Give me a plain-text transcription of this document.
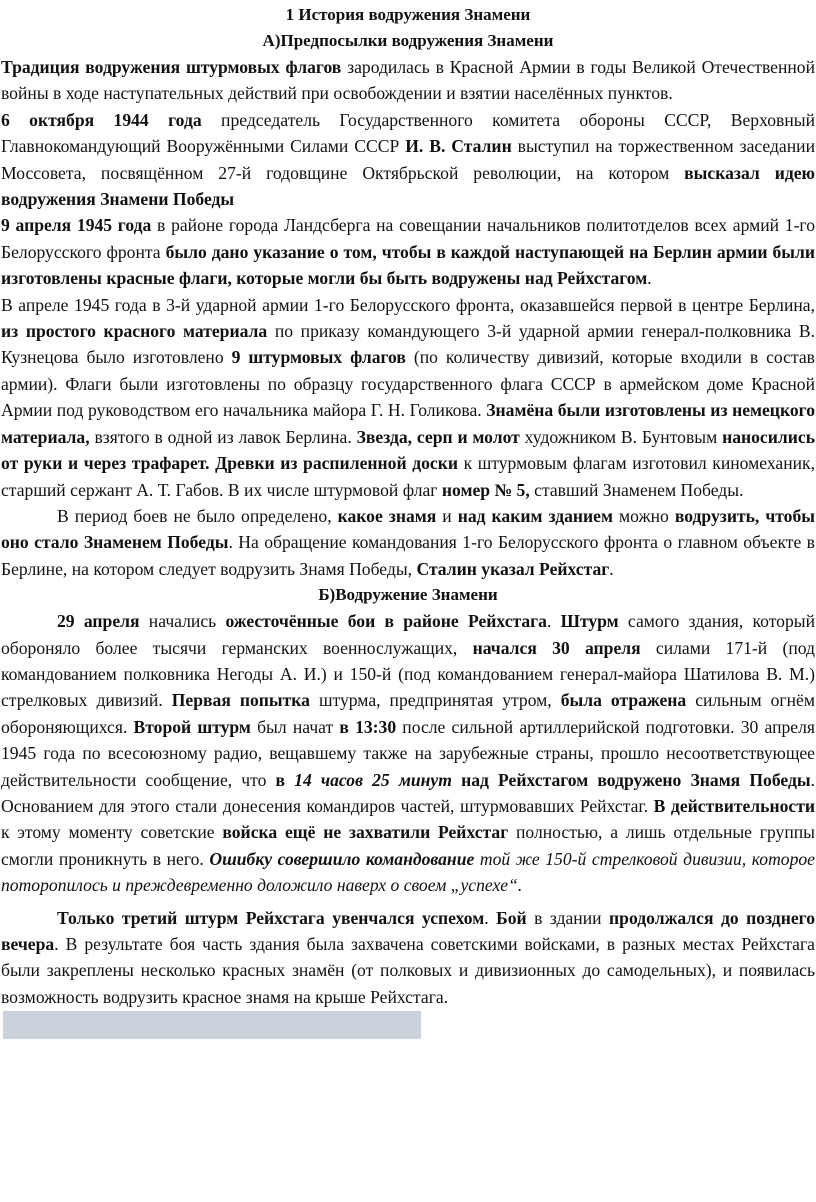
1 История водружения Знамени
А)Предпосылки водружения Знамени

Традиция водружения штурмовых флагов зародилась в Красной Армии в годы Великой Отечественной войны в ходе наступательных действий при освобождении и взятии населённых пунктов.

6 октября 1944 года председатель Государственного комитета обороны СССР, Верховный Главнокомандующий Вооружёнными Силами СССР И. В. Сталин выступил на торжественном заседании Моссовета, посвящённом 27-й годовщине Октябрьской революции, на котором высказал идею водружения Знамени Победы

9 апреля 1945 года в районе города Ландсберга на совещании начальников политотделов всех армий 1-го Белорусского фронта было дано указание о том, чтобы в каждой наступающей на Берлин армии были изготовлены красные флаги, которые могли бы быть водружены над Рейхстагом.

В апреле 1945 года в 3-й ударной армии 1-го Белорусского фронта, оказавшейся первой в центре Берлина, из простого красного материала по приказу командующего 3-й ударной армии генерал-полковника В. Кузнецова было изготовлено 9 штурмовых флагов (по количеству дивизий, которые входили в состав армии). Флаги были изготовлены по образцу государственного флага СССР в армейском доме Красной Армии под руководством его начальника майора Г. Н. Голикова. Знамёна были изготовлены из немецкого материала, взятого в одной из лавок Берлина. Звезда, серп и молот художником В. Бунтовым наносились от руки и через трафарет. Древки из распиленной доски к штурмовым флагам изготовил киномеханик, старший сержант А. Т. Габов. В их числе штурмовой флаг номер № 5, ставший Знаменем Победы.

В период боев не было определено, какое знамя и над каким зданием можно водрузить, чтобы оно стало Знаменем Победы. На обращение командования 1-го Белорусского фронта о главном объекте в Берлине, на котором следует водрузить Знамя Победы, Сталин указал Рейхстаг.

Б)Водружение Знамени

29 апреля начались ожесточённые бои в районе Рейхстага. Штурм самого здания, который обороняло более тысячи германских военнослужащих, начался 30 апреля силами 171-й (под командованием полковника Негоды А. И.) и 150-й (под командованием генерал-майора Шатилова В. М.) стрелковых дивизий. Первая попытка штурма, предпринятая утром, была отражена сильным огнём обороняющихся. Второй штурм был начат в 13:30 после сильной артиллерийской подготовки. 30 апреля 1945 года по всесоюзному радио, вещавшему также на зарубежные страны, прошло несоответствующее действительности сообщение, что в 14 часов 25 минут над Рейхстагом водружено Знамя Победы. Основанием для этого стали донесения командиров частей, штурмовавших Рейхстаг. В действительности к этому моменту советские войска ещё не захватили Рейхстаг полностью, а лишь отдельные группы смогли проникнуть в него. Ошибку совершило командование той же 150-й стрелковой дивизии, которое поторопилось и преждевременно доложило наверх о своем „успехе“.

Только третий штурм Рейхстага увенчался успехом. Бой в здании продолжался до позднего вечера. В результате боя часть здания была захвачена советскими войсками, в разных местах Рейхстага были закреплены несколько красных знамён (от полковых и дивизионных до самодельных), и появилась возможность водрузить красное знамя на крыше Рейхстага.
